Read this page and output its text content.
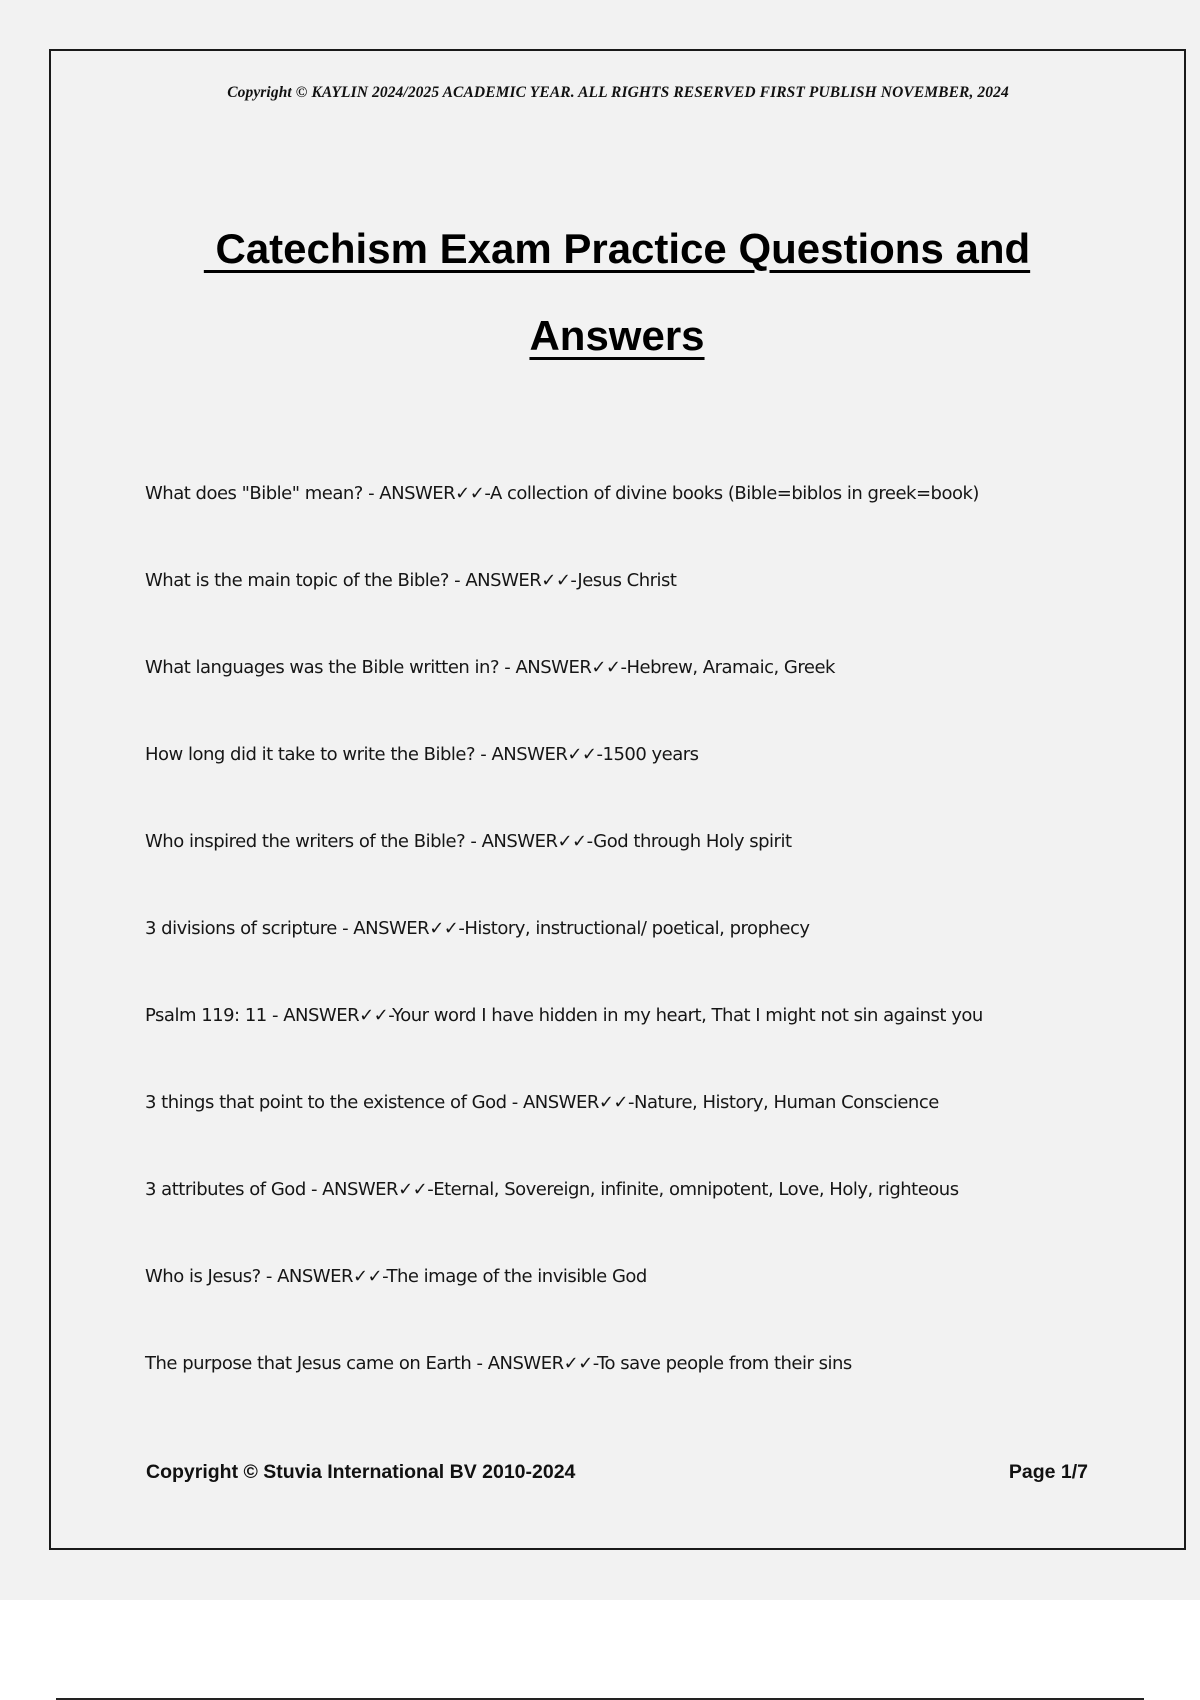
Copyright © KAYLIN 2024/2025 ACADEMIC YEAR. ALL RIGHTS RESERVED FIRST PUBLISH NOVEMBER, 2024
Catechism Exam Practice Questions and
Answers
What does "Bible" mean? - ANSWER✓✓-A collection of divine books (Bible=biblos in greek=book)
What is the main topic of the Bible? - ANSWER✓✓-Jesus Christ
What languages was the Bible written in? - ANSWER✓✓-Hebrew, Aramaic, Greek
How long did it take to write the Bible? - ANSWER✓✓-1500 years
Who inspired the writers of the Bible? - ANSWER✓✓-God through Holy spirit
3 divisions of scripture - ANSWER✓✓-History, instructional/ poetical, prophecy
Psalm 119: 11 - ANSWER✓✓-Your word I have hidden in my heart, That I might not sin against you
3 things that point to the existence of God - ANSWER✓✓-Nature, History, Human Conscience
3 attributes of God - ANSWER✓✓-Eternal, Sovereign, infinite, omnipotent, Love, Holy, righteous
Who is Jesus? - ANSWER✓✓-The image of the invisible God
The purpose that Jesus came on Earth - ANSWER✓✓-To save people from their sins
Copyright © Stuvia International BV 2010-2024	Page 1/7
